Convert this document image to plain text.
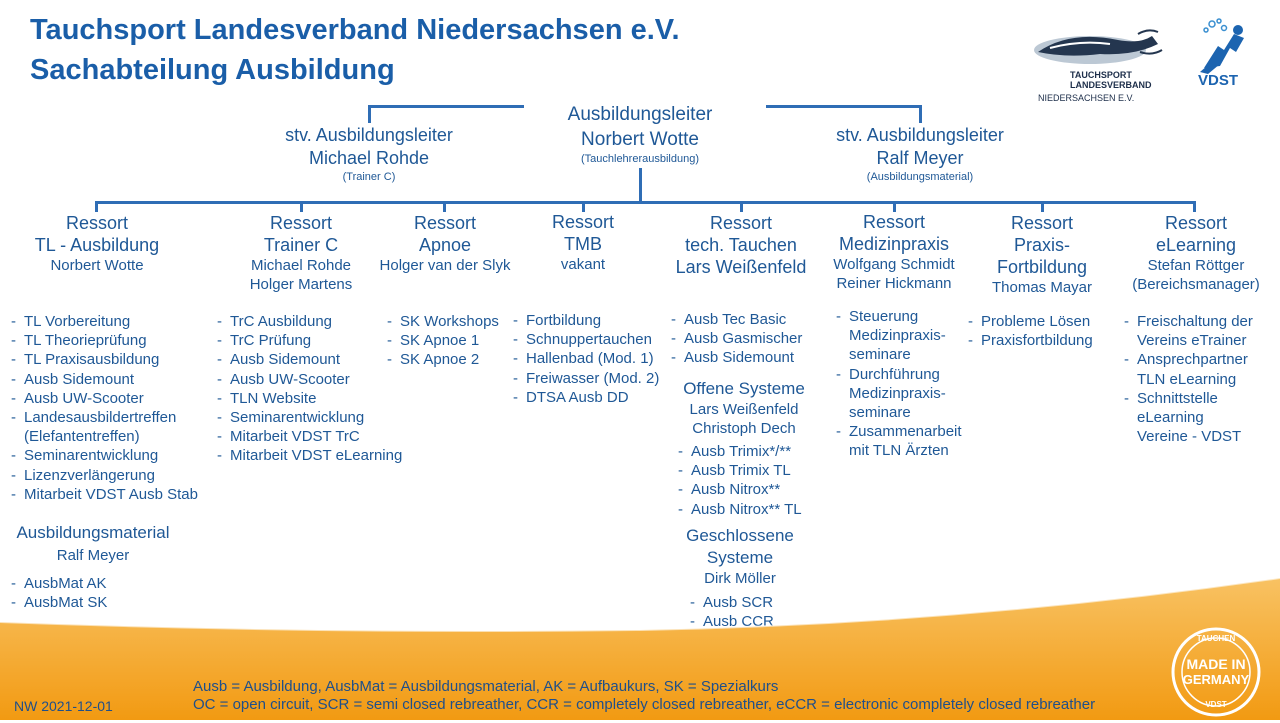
Tauchsport Landesverband Niedersachsen e.V.
Sachabteilung Ausbildung	TAUCHSPORT
LANDESVERBAND
NIEDERSACHSEN E.V.
VDST
Ausbildungsleiter
Norbert Wotte
(Tauchlehrerausbildung)
stv. Ausbildungsleiter
Michael Rohde
(Trainer C)
stv. Ausbildungsleiter
Ralf Meyer
(Ausbildungsmaterial)
Ressort
TL - Ausbildung
Norbert Wotte
Ressort
Trainer C
Michael Rohde
Holger Martens
Ressort
Apnoe
Holger van der Slyk
Ressort
TMB
vakant
Ressort
tech. Tauchen
Lars Weißenfeld
Ressort
Medizinpraxis
Wolfgang Schmidt
Reiner Hickmann
Ressort
Praxis-
Fortbildung
Thomas Mayar
Ressort
eLearning
Stefan Röttger
(Bereichsmanager)
- TL Vorbereitung
- TL Theorieprüfung
- TL Praxisausbildung
- Ausb Sidemount
- Ausb UW-Scooter
- Landesausbildertreffen
(Elefantentreffen)
- Seminarentwicklung
- Lizenzverlängerung
- Mitarbeit VDST Ausb Stab
- TrC Ausbildung
- TrC Prüfung
- Ausb Sidemount
- Ausb UW-Scooter
- TLN Website
- Seminarentwicklung
- Mitarbeit VDST TrC
- Mitarbeit VDST eLearning
- SK Workshops
- SK Apnoe 1
- SK Apnoe 2
- Fortbildung
- Schnuppertauchen
- Hallenbad (Mod. 1)
- Freiwasser (Mod. 2)
- DTSA Ausb DD
- Ausb Tec Basic
- Ausb Gasmischer
- Ausb Sidemount
- Steuerung
Medizinpraxis-
seminare
- Durchführung
Medizinpraxis-
seminare
- Zusammenarbeit
mit TLN Ärzten
- Probleme Lösen
- Praxisfortbildung
- Freischaltung der
Vereins eTrainer
- Ansprechpartner
TLN eLearning
- Schnittstelle
eLearning
Vereine - VDST
Ausbildungsmaterial
Ralf Meyer
- AusbMat AK
- AusbMat SK
Offene Systeme
Lars Weißenfeld
Christoph Dech
- Ausb Trimix*/**
- Ausb Trimix TL
- Ausb Nitrox**
- Ausb Nitrox** TL
Geschlossene
Systeme
Dirk Möller
- Ausb SCR
- Ausb CCR
-
Ausb = Ausbildung, AusbMat = Ausbildungsmaterial, AK = Aufbaukurs, SK = Spezialkurs
OC = open circuit, SCR = semi closed rebreather, CCR = completely closed rebreather, eCCR = electronic completely closed rebreather
NW 2021-12-01
TAUCHEN
MADE IN
GERMANY
VDST
